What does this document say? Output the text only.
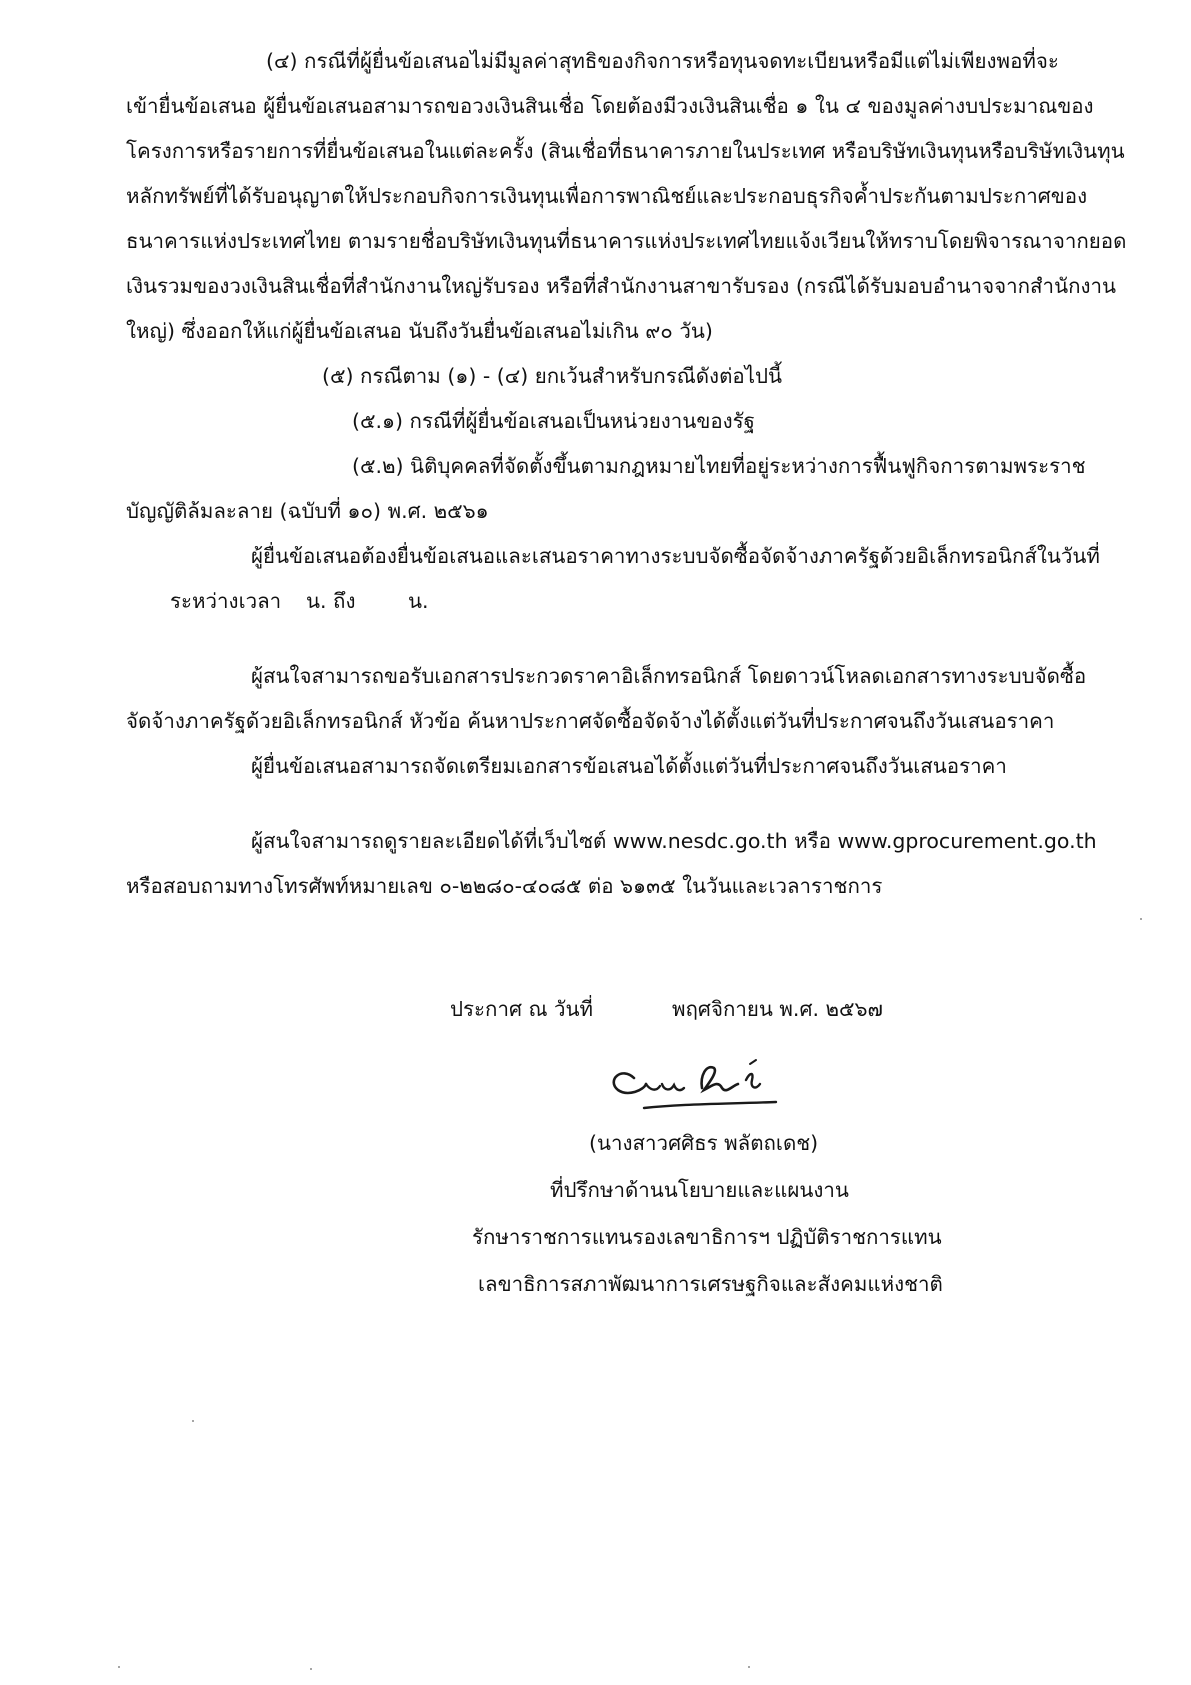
(๔) กรณีที่ผู้ยื่นข้อเสนอไม่มีมูลค่าสุทธิของกิจการหรือทุนจดทะเบียนหรือมีแต่ไม่เพียงพอที่จะ
เข้ายื่นข้อเสนอ ผู้ยื่นข้อเสนอสามารถขอวงเงินสินเชื่อ โดยต้องมีวงเงินสินเชื่อ ๑ ใน ๔ ของมูลค่างบประมาณของ
โครงการหรือรายการที่ยื่นข้อเสนอในแต่ละครั้ง (สินเชื่อที่ธนาคารภายในประเทศ หรือบริษัทเงินทุนหรือบริษัทเงินทุน
หลักทรัพย์ที่ได้รับอนุญาตให้ประกอบกิจการเงินทุนเพื่อการพาณิชย์และประกอบธุรกิจค้ำประกันตามประกาศของ
ธนาคารแห่งประเทศไทย ตามรายชื่อบริษัทเงินทุนที่ธนาคารแห่งประเทศไทยแจ้งเวียนให้ทราบโดยพิจารณาจากยอด
เงินรวมของวงเงินสินเชื่อที่สำนักงานใหญ่รับรอง หรือที่สำนักงานสาขารับรอง (กรณีได้รับมอบอำนาจจากสำนักงาน
ใหญ่) ซึ่งออกให้แก่ผู้ยื่นข้อเสนอ นับถึงวันยื่นข้อเสนอไม่เกิน ๙๐ วัน)
(๕) กรณีตาม (๑) - (๔) ยกเว้นสำหรับกรณีดังต่อไปนี้
(๕.๑) กรณีที่ผู้ยื่นข้อเสนอเป็นหน่วยงานของรัฐ
(๕.๒) นิติบุคคลที่จัดตั้งขึ้นตามกฎหมายไทยที่อยู่ระหว่างการฟื้นฟูกิจการตามพระราช
บัญญัติล้มละลาย (ฉบับที่ ๑๐) พ.ศ. ๒๕๖๑
ผู้ยื่นข้อเสนอต้องยื่นข้อเสนอและเสนอราคาทางระบบจัดซื้อจัดจ้างภาครัฐด้วยอิเล็กทรอนิกส์ในวันที่
ระหว่างเวลา น. ถึง	น.
ผู้สนใจสามารถขอรับเอกสารประกวดราคาอิเล็กทรอนิกส์ โดยดาวน์โหลดเอกสารทางระบบจัดซื้อ
จัดจ้างภาครัฐด้วยอิเล็กทรอนิกส์ หัวข้อ ค้นหาประกาศจัดซื้อจัดจ้างได้ตั้งแต่วันที่ประกาศจนถึงวันเสนอราคา
ผู้ยื่นข้อเสนอสามารถจัดเตรียมเอกสารข้อเสนอได้ตั้งแต่วันที่ประกาศจนถึงวันเสนอราคา
ผู้สนใจสามารถดูรายละเอียดได้ที่เว็บไซต์ www.nesdc.go.th หรือ www.gprocurement.go.th
หรือสอบถามทางโทรศัพท์หมายเลข ๐-๒๒๘๐-๔๐๘๕ ต่อ ๖๑๓๕ ในวันและเวลาราชการ
ประกาศ ณ วันที่	พฤศจิกายน พ.ศ. ๒๕๖๗
(นางสาวศศิธร พลัตถเดช)
ที่ปรึกษาด้านนโยบายและแผนงาน
รักษาราชการแทนรองเลขาธิการฯ ปฏิบัติราชการแทน
เลขาธิการสภาพัฒนาการเศรษฐกิจและสังคมแห่งชาติ
